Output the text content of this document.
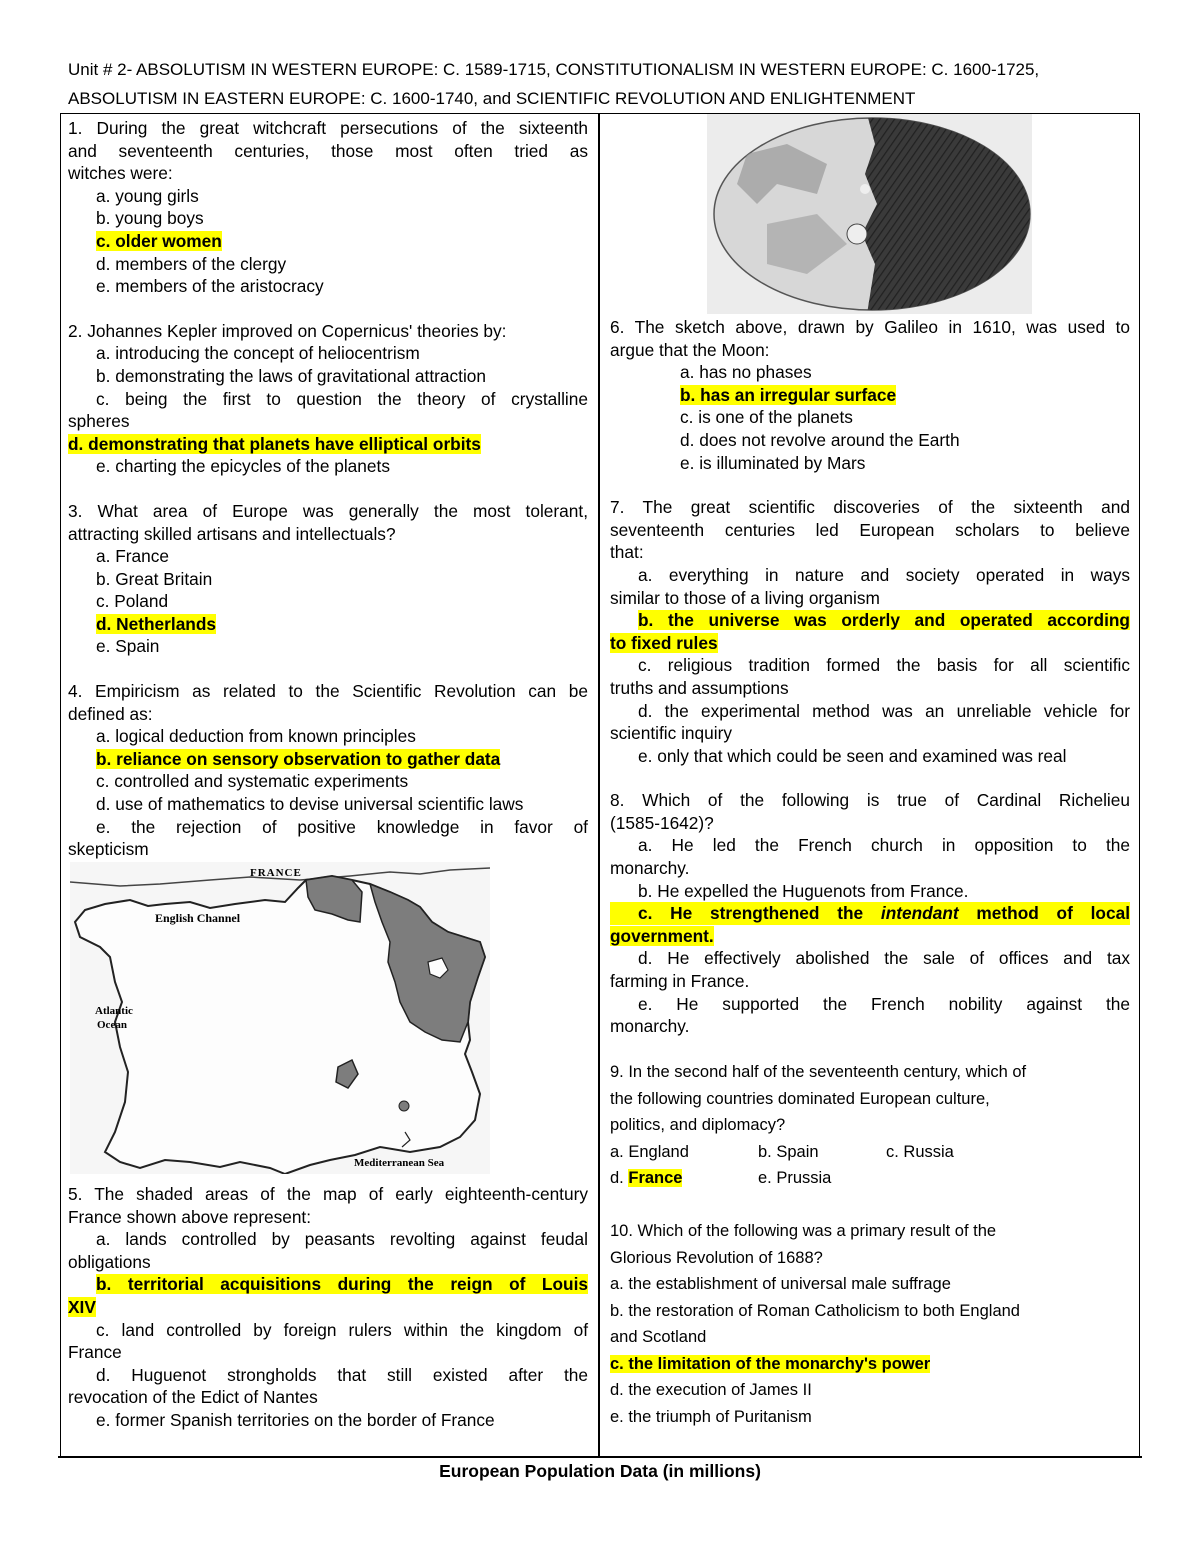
Unit # 2- ABSOLUTISM IN WESTERN EUROPE: C. 1589-1715, CONSTITUTIONALISM IN WESTERN EUROPE: C. 1600-1725,
ABSOLUTISM IN EASTERN EUROPE: C. 1600-1740, and SCIENTIFIC REVOLUTION AND ENLIGHTENMENT

1. During the great witchcraft persecutions of the sixteenth

and seventeenth centuries, those most often tried as

witches were:

a. young girls

b. young boys

c. older women

d. members of the clergy

e. members of the aristocracy

2. Johannes Kepler improved on Copernicus' theories by:

a. introducing the concept of heliocentrism

b. demonstrating the laws of gravitational attraction

c. being the first to question the theory of crystalline

spheres

d. demonstrating that planets have elliptical orbits

e. charting the epicycles of the planets

3. What area of Europe was generally the most tolerant,

attracting skilled artisans and intellectuals?

a. France

b. Great Britain

c. Poland

d. Netherlands

e. Spain

4. Empiricism as related to the Scientific Revolution can be

defined as:

a. logical deduction from known principles

b. reliance on sensory observation to gather data

c. controlled and systematic experiments

d. use of mathematics to devise universal scientific laws

e. the rejection of positive knowledge in favor of

skepticism

FRANCE
English Channel
Atlantic
Ocean
Mediterranean Sea

5. The shaded areas of the map of early eighteenth-century

France shown above represent:

a. lands controlled by peasants revolting against feudal

obligations

b. territorial acquisitions during the reign of Louis

XIV

c. land controlled by foreign rulers within the kingdom of

France

d. Huguenot strongholds that still existed after the

revocation of the Edict of Nantes

e. former Spanish territories on the border of France

6. The sketch above, drawn by Galileo in 1610, was used to

argue that the Moon:

a. has no phases

b. has an irregular surface

c. is one of the planets

d. does not revolve around the Earth

e. is illuminated by Mars

7. The great scientific discoveries of the sixteenth and

seventeenth centuries led European scholars to believe

that:

a. everything in nature and society operated in ways

similar to those of a living organism

b. the universe was orderly and operated according

to fixed rules

c. religious tradition formed the basis for all scientific

truths and assumptions

d. the experimental method was an unreliable vehicle for

scientific inquiry

e. only that which could be seen and examined was real

8. Which of the following is true of Cardinal Richelieu

(1585-1642)?

a. He led the French church in opposition to the

monarchy.

b. He expelled the Huguenots from France.

c. He strengthened the intendant method of local

government.

d. He effectively abolished the sale of offices and tax

farming in France.

e. He supported the French nobility against the

monarchy.

9. In the second half of the seventeenth century, which of

the following countries dominated European culture,

politics, and diplomacy?

a. England	b. Spain	c. Russia

d. France	e. Prussia

10. Which of the following was a primary result of the

Glorious Revolution of 1688?

a. the establishment of universal male suffrage

b. the restoration of Roman Catholicism to both England

and Scotland

c. the limitation of the monarchy's power

d. the execution of James II

e. the triumph of Puritanism

European Population Data (in millions)
